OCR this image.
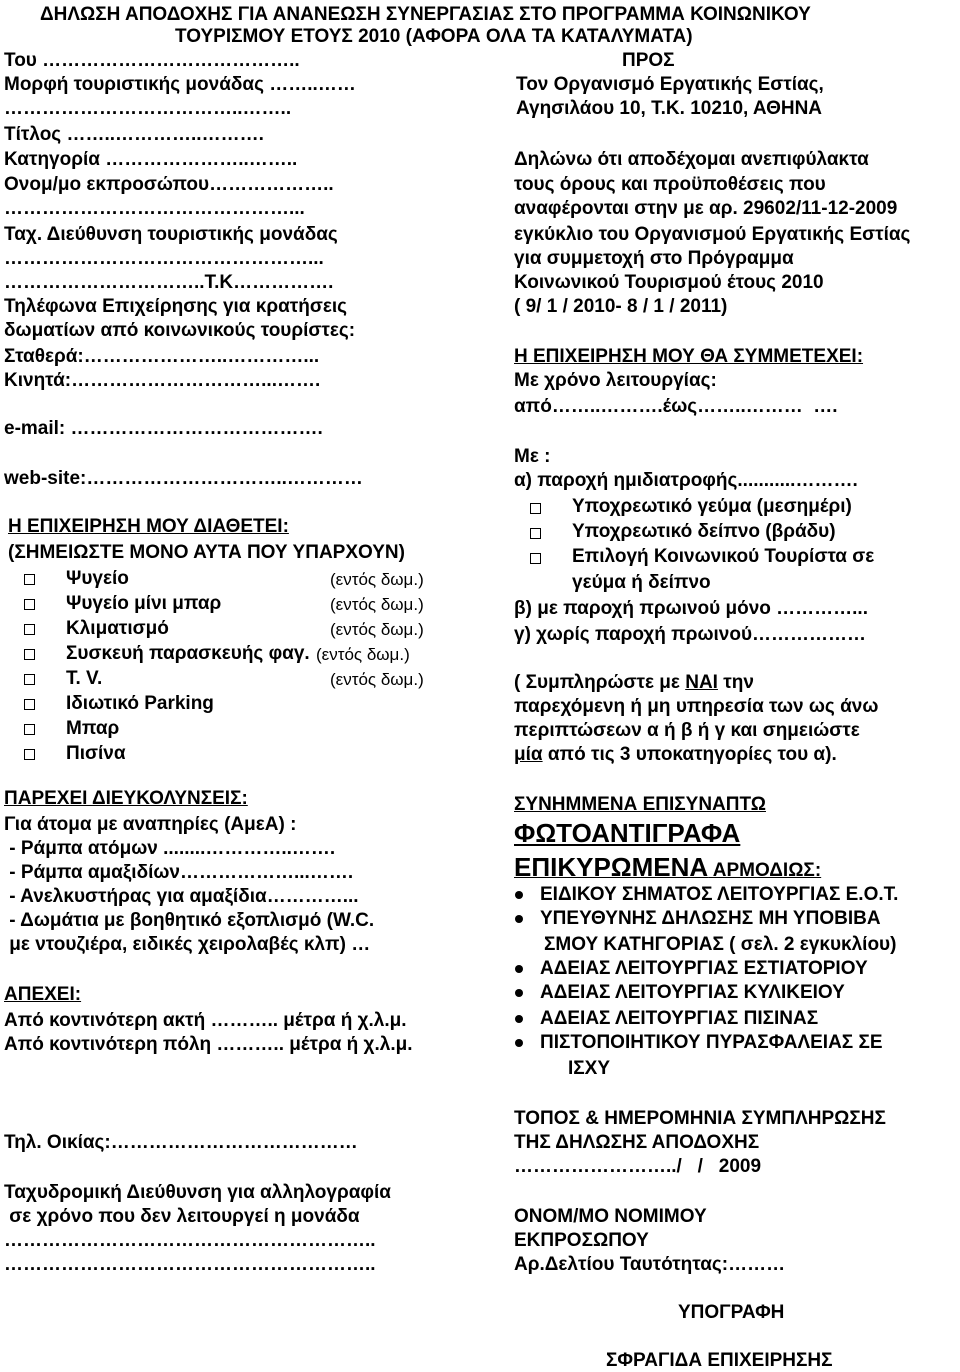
ΔΗΛΩΣΗ ΑΠΟΔΟΧΗΣ ΓΙΑ ΑΝΑΝΕΩΣΗ ΣΥΝΕΡΓΑΣΙΑΣ ΣΤΟ ΠΡΟΓΡΑΜΜΑ ΚΟΙΝΩΝΙΚΟΥ
ΤΟΥΡΙΣΜΟΥ ΕΤΟΥΣ 2010 (ΑΦΟΡΑ ΟΛΑ ΤΑ ΚΑΤΑΛΥΜΑΤΑ)
Του …………………………………..
Μορφή τουριστικής μονάδας ……..……
………………………………..……..
Τίτλος ……..…………..……….
Κατηγορία …………………..……..
Ονομ/μο εκπροσώπου………………..
………………………………………...
Ταχ. Διεύθυνση τουριστικής μονάδας
…………………………………………...
…………………………..Τ.Κ…………….
Τηλέφωνα Επιχείρησης για κρατήσεις
δωματίων από κοινωνικούς τουρίστες:
Σταθερά:…………………..…………...
Κινητά:…………………………...…….
e-mail: ………………………………….
web-site:…………………………..…………
Η ΕΠΙΧΕΙΡΗΣΗ ΜΟΥ ΔΙΑΘΕΤΕΙ:
(ΣΗΜΕΙΩΣΤΕ ΜΟΝΟ ΑΥΤΑ ΠΟΥ ΥΠΑΡΧΟΥΝ)
Ψυγείο	(εντός δωμ.)
Ψυγείο μίνι μπαρ	(εντός δωμ.)
Κλιματισμό	(εντός δωμ.)
Συσκευή παρασκευής φαγ. (εντός δωμ.)
T. V.	(εντός δωμ.)
Ιδιωτικό Parking
Μπαρ
Πισίνα
ΠΑΡΕΧΕΙ ΔΙΕΥΚΟΛΥΝΣΕΙΣ:
Για άτομα με αναπηρίες (ΑμεΑ) :
- Ράμπα ατόμων ........…………..…….
- Ράμπα αμαξιδίων………………...…….
- Ανελκυστήρας για αμαξίδια…………...
- Δωμάτια με βοηθητικό εξοπλισμό (W.C.
με ντουζιέρα, ειδικές χειρολαβές κλπ) …
ΑΠΕΧΕΙ:
Από κοντινότερη ακτή ……….. μέτρα ή χ.λ.μ.
Από κοντινότερη πόλη ……….. μέτρα ή χ.λ.μ.
Τηλ. Οικίας:…………………………………
Ταχυδρομική Διεύθυνση για αλληλογραφία
σε χρόνο που δεν λειτουργεί η μονάδα
…………………………………………………..
…………………………………………………..
ΠΡΟΣ
Τον Οργανισμό Εργατικής Εστίας,
Αγησιλάου 10, Τ.Κ. 10210, ΑΘΗΝΑ
Δηλώνω ότι αποδέχομαι ανεπιφύλακτα
τους όρους και προϋποθέσεις που
αναφέρονται στην με αρ. 29602/11-12-2009
εγκύκλιο του Οργανισμού Εργατικής Εστίας
για συμμετοχή στο Πρόγραμμα
Κοινωνικού Τουρισμού έτους 2010
( 9/ 1 / 2010- 8 / 1 / 2011)
Η ΕΠΙΧΕΙΡΗΣΗ ΜΟΥ ΘΑ ΣΥΜΜΕΤΕΧΕΙ:
Με χρόνο λειτουργίας:
από……..……….έως……..………  ….
Με :
α) παροχή ημιδιατροφής...........……….
Υποχρεωτικό γεύμα (μεσημέρι)
Υποχρεωτικό δείπνο (βράδυ)
Επιλογή Κοινωνικού Τουρίστα σε
γεύμα ή δείπνο
β) με παροχή πρωινού μόνο …………...
γ) χωρίς παροχή πρωινού………………
( Συμπληρώστε με ΝΑΙ την
παρεχόμενη ή μη υπηρεσία των ως άνω
περιπτώσεων α ή β ή γ και σημειώστε
μία από τις 3 υποκατηγορίες του α).
ΣΥΝΗΜΜΕΝΑ ΕΠΙΣΥΝΑΠΤΩ
ΦΩΤΟΑΝΤΙΓΡΑΦΑ
ΕΠΙΚΥΡΩΜΕΝΑ ΑΡΜΟΔΙΩΣ:
ΕΙΔΙΚΟΥ ΣΗΜΑΤΟΣ ΛΕΙΤΟΥΡΓΙΑΣ Ε.Ο.Τ.
ΥΠΕΥΘΥΝΗΣ ΔΗΛΩΣΗΣ ΜΗ ΥΠΟΒΙΒΑ
ΣΜΟΥ ΚΑΤΗΓΟΡΙΑΣ ( σελ. 2 εγκυκλίου)
ΑΔΕΙΑΣ ΛΕΙΤΟΥΡΓΙΑΣ ΕΣΤΙΑΤΟΡΙΟΥ
ΑΔΕΙΑΣ ΛΕΙΤΟΥΡΓΙΑΣ ΚΥΛΙΚΕΙΟΥ
ΑΔΕΙΑΣ ΛΕΙΤΟΥΡΓΙΑΣ ΠΙΣΙΝΑΣ
ΠΙΣΤΟΠΟΙΗΤΙΚΟΥ ΠΥΡΑΣΦΑΛΕΙΑΣ ΣΕ
ΙΣΧΥ
ΤΟΠΟΣ & ΗΜΕΡΟΜΗΝΙΑ ΣΥΜΠΛΗΡΩΣΗΣ
ΤΗΣ ΔΗΛΩΣΗΣ ΑΠΟΔΟΧΗΣ
……………………../   /   2009
ΟΝΟΜ/ΜΟ ΝΟΜΙΜΟΥ
ΕΚΠΡΟΣΩΠΟΥ
Αρ.Δελτίου Ταυτότητας:………
ΥΠΟΓΡΑΦΗ
ΣΦΡΑΓΙΔΑ ΕΠΙΧΕΙΡΗΣΗΣ
